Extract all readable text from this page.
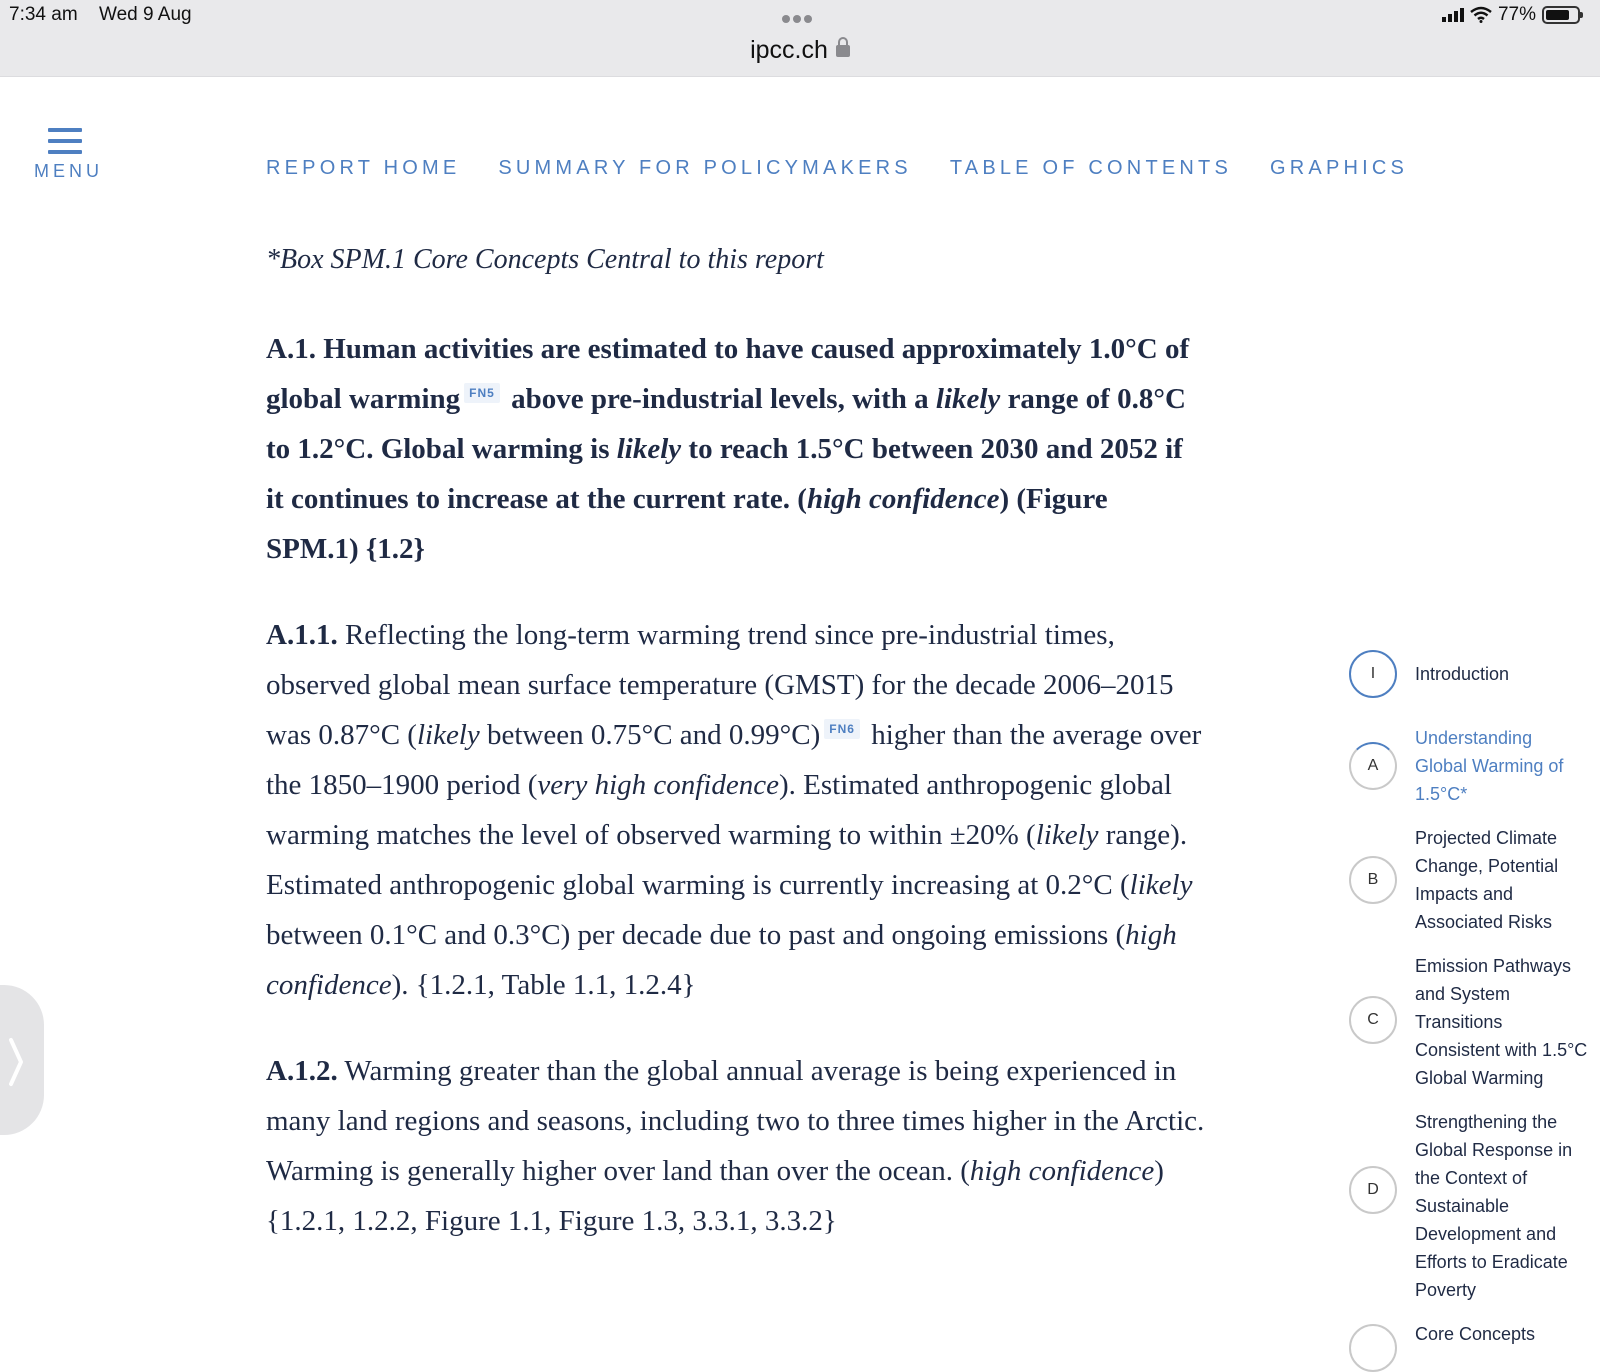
7:34 am Wed 9 Aug
ipcc.ch
77%
MENU	REPORT HOME SUMMARY FOR POLICYMAKERS TABLE OF CONTENTS GRAPHICS
*Box SPM.1 Core Concepts Central to this report

A.1. Human activities are estimated to have caused approximately 1.0°C of global warming FN5 above pre-industrial levels, with a likely range of 0.8°C to 1.2°C. Global warming is likely to reach 1.5°C between 2030 and 2052 if it continues to increase at the current rate. (high confidence) (Figure SPM.1) {1.2}

A.1.1. Reflecting the long-term warming trend since pre-industrial times, observed global mean surface temperature (GMST) for the decade 2006–2015 was 0.87°C (likely between 0.75°C and 0.99°C) FN6 higher than the average over the 1850–1900 period (very high confidence). Estimated anthropogenic global warming matches the level of observed warming to within ±20% (likely range). Estimated anthropogenic global warming is currently increasing at 0.2°C (likely between 0.1°C and 0.3°C) per decade due to past and ongoing emissions (high confidence). {1.2.1, Table 1.1, 1.2.4}

A.1.2. Warming greater than the global annual average is being experienced in many land regions and seasons, including two to three times higher in the Arctic. Warming is generally higher over land than over the ocean. (high confidence) {1.2.1, 1.2.2, Figure 1.1, Figure 1.3, 3.3.1, 3.3.2}

I	Introduction
A
Understanding Global Warming of 1.5°C*
B
Projected Climate Change, Potential Impacts and Associated Risks
C
Emission Pathways and System Transitions Consistent with 1.5°C Global Warming
D
Strengthening the Global Response in the Context of Sustainable Development and Efforts to Eradicate Poverty
Core Concepts
